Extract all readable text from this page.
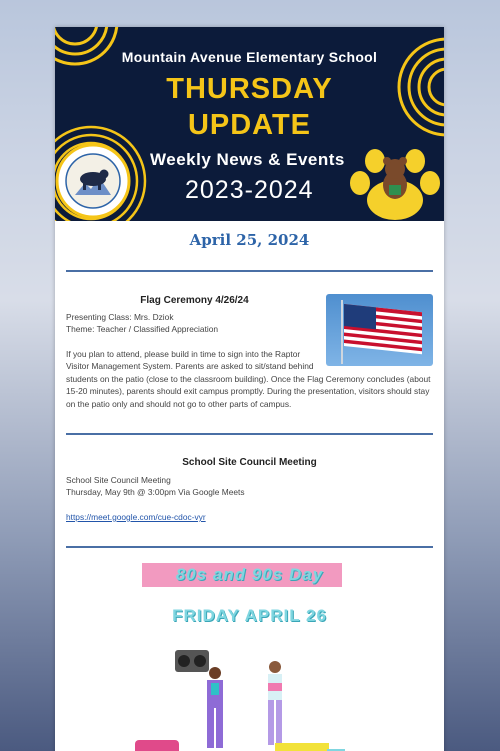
Mountain Avenue Elementary School
THURSDAY
UPDATE
Weekly News & Events
2023-2024
April 25, 2024
Flag Ceremony 4/26/24

Presenting Class: Mrs. Dziok

Theme: Teacher / Classified Appreciation

If you plan to attend, please build in time to sign into the Raptor

Visitor Management System. Parents are asked to sit/stand behind

students on the patio (close to the classroom building). Once the Flag Ceremony concludes (about

15-20 minutes), parents should exit campus promptly. During the presentation, visitors should stay

on the patio only and should not go to other parts of campus.

School Site Council Meeting

School Site Council Meeting

Thursday, May 9th @ 3:00pm Via Google Meets

https://meet.google.com/cue-cdoc-vyr
80s and 90s Day
FRIDAY APRIL 26
